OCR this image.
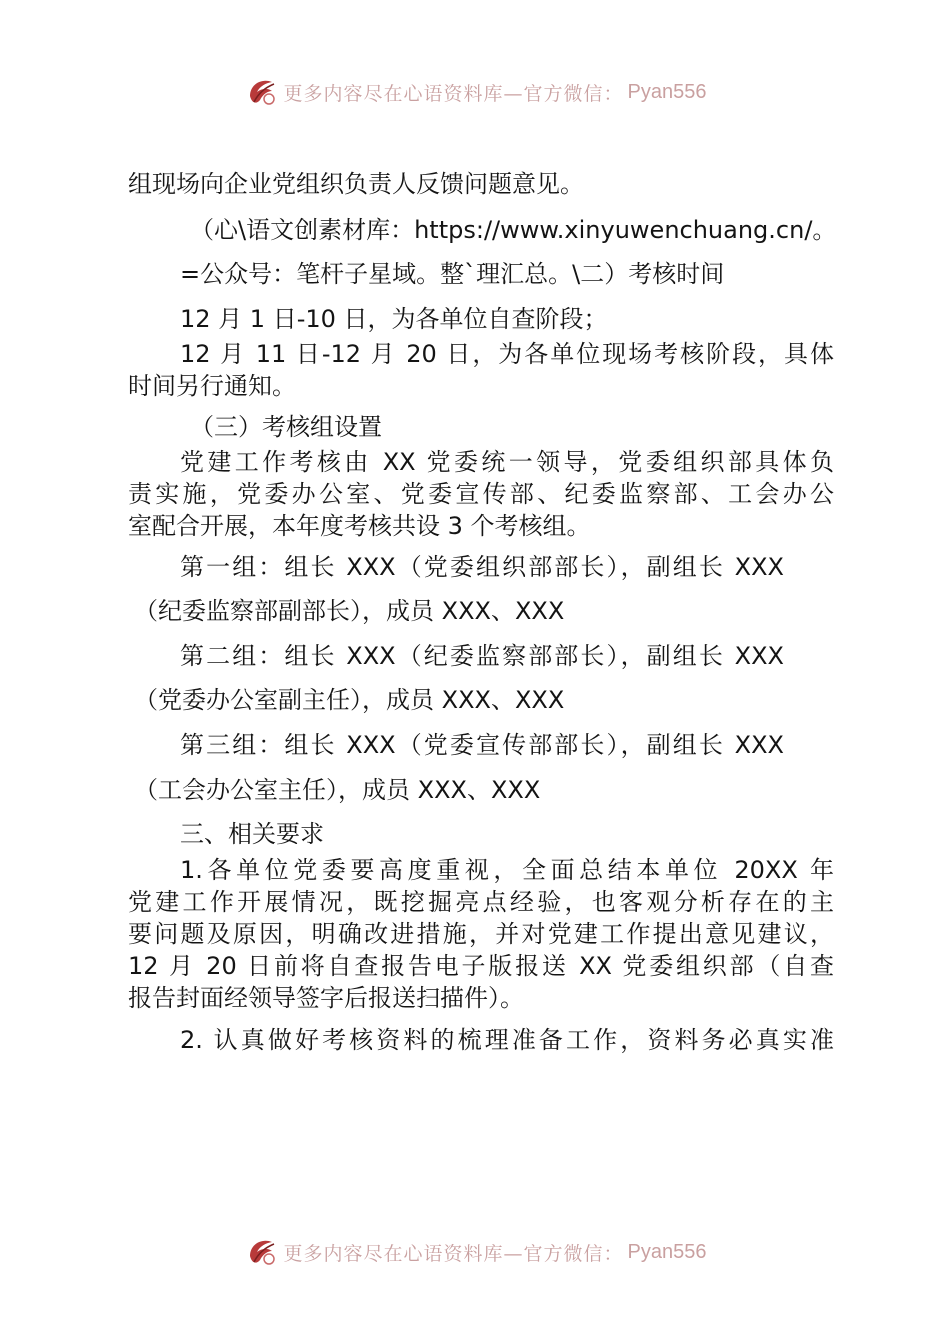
更多内容尽在心语资料库—官方微信： Pyan556
组现场向企业党组织负责人反馈问题意见。
（心\语文创素材库：https://www.xinyuwenchuang.cn/。
=公众号：笔杆子星域。整`理汇总。\二）考核时间
12 月 1 日-10 日，为各单位自查阶段；
12 月 11 日-12 月 20 日，为各单位现场考核阶段，具体
时间另行通知。
（三）考核组设置
党建工作考核由 XX 党委统一领导，党委组织部具体负
责实施，党委办公室、党委宣传部、纪委监察部、工会办公
室配合开展，本年度考核共设 3 个考核组。
第一组：组长 XXX（党委组织部部长），副组长 XXX
（纪委监察部副部长），成员 XXX、XXX
第二组：组长 XXX（纪委监察部部长），副组长 XXX
（党委办公室副主任），成员 XXX、XXX
第三组：组长 XXX（党委宣传部部长），副组长 XXX
（工会办公室主任），成员 XXX、XXX
三、相关要求
1.各单位党委要高度重视，全面总结本单位 20XX 年
党建工作开展情况，既挖掘亮点经验，也客观分析存在的主
要问题及原因，明确改进措施，并对党建工作提出意见建议，
12 月 20 日前将自查报告电子版报送 XX 党委组织部（自查
报告封面经领导签字后报送扫描件）。
2. 认真做好考核资料的梳理准备工作，资料务必真实准
更多内容尽在心语资料库—官方微信： Pyan556
